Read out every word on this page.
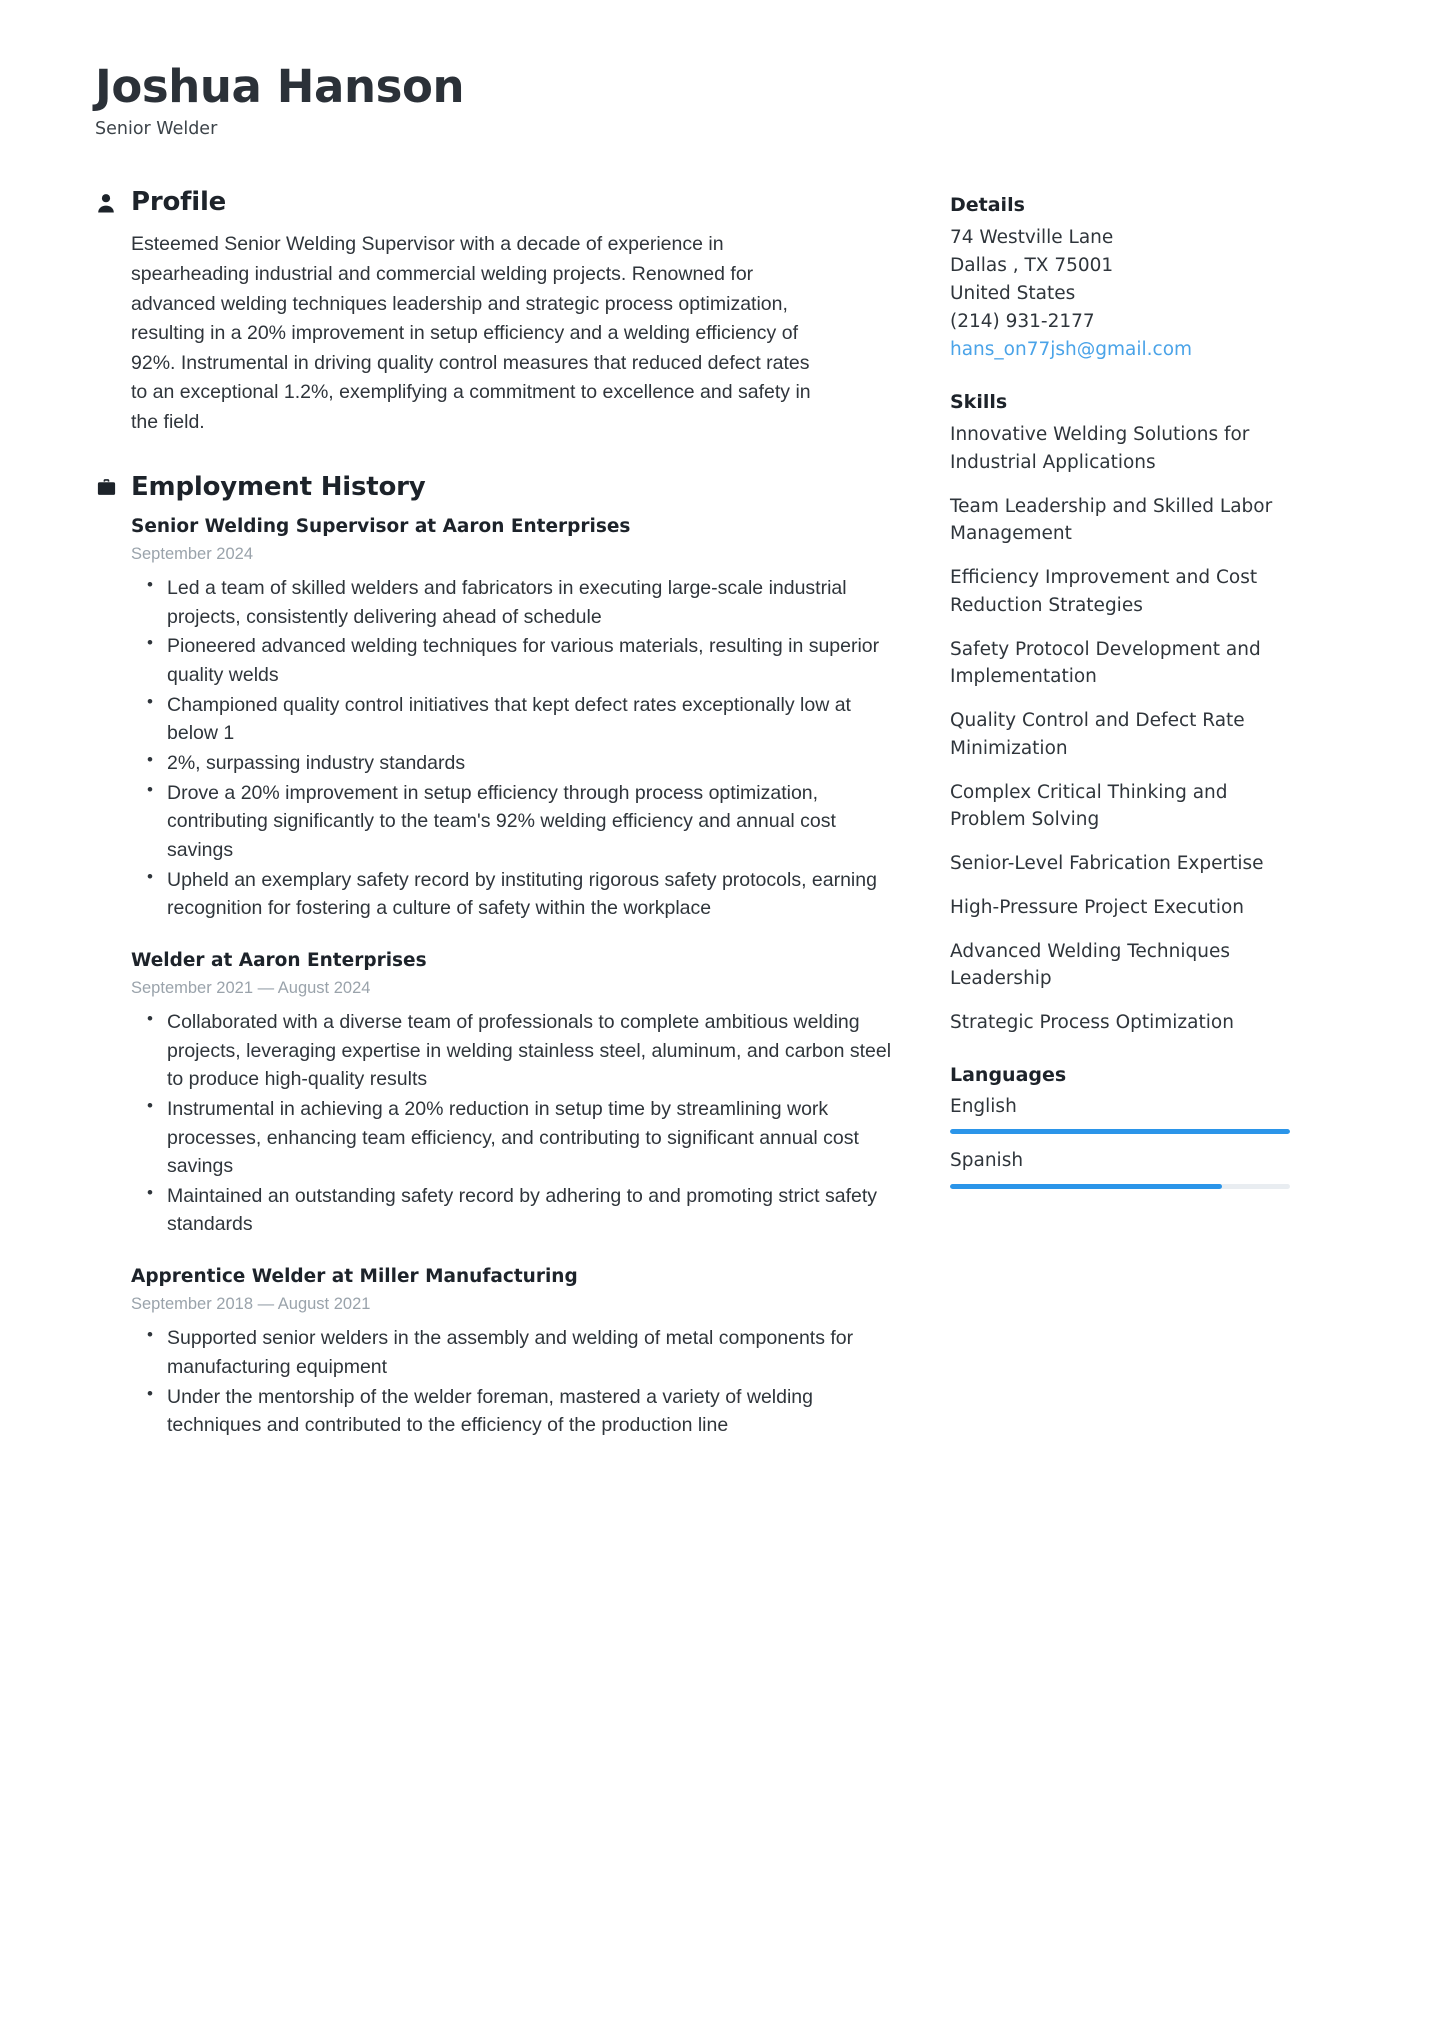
Joshua Hanson
Senior Welder
Profile

Esteemed Senior Welding Supervisor with a decade of experience in spearheading industrial and commercial welding projects. Renowned for advanced welding techniques leadership and strategic process optimization, resulting in a 20% improvement in setup efficiency and a welding efficiency of 92%. Instrumental in driving quality control measures that reduced defect rates to an exceptional 1.2%, exemplifying a commitment to excellence and safety in the field.

Employment History
Senior Welding Supervisor at Aaron Enterprises
September 2024
• Led a team of skilled welders and fabricators in executing large-scale industrial projects, consistently delivering ahead of schedule
• Pioneered advanced welding techniques for various materials, resulting in superior quality welds
• Championed quality control initiatives that kept defect rates exceptionally low at below 1
• 2%, surpassing industry standards
• Drove a 20% improvement in setup efficiency through process optimization, contributing significantly to the team's 92% welding efficiency and annual cost savings
• Upheld an exemplary safety record by instituting rigorous safety protocols, earning recognition for fostering a culture of safety within the workplace
Welder at Aaron Enterprises
September 2021 — August 2024
• Collaborated with a diverse team of professionals to complete ambitious welding projects, leveraging expertise in welding stainless steel, aluminum, and carbon steel to produce high-quality results
• Instrumental in achieving a 20% reduction in setup time by streamlining work processes, enhancing team efficiency, and contributing to significant annual cost savings
• Maintained an outstanding safety record by adhering to and promoting strict safety standards
Apprentice Welder at Miller Manufacturing
September 2018 — August 2021
• Supported senior welders in the assembly and welding of metal components for manufacturing equipment
• Under the mentorship of the welder foreman, mastered a variety of welding techniques and contributed to the efficiency of the production line
Details
74 Westville Lane
Dallas , TX 75001
United States
(214) 931-2177
hans_on77jsh@gmail.com
Skills
Innovative Welding Solutions for Industrial Applications
Team Leadership and Skilled Labor Management
Efficiency Improvement and Cost Reduction Strategies
Safety Protocol Development and Implementation
Quality Control and Defect Rate Minimization
Complex Critical Thinking and Problem Solving
Senior-Level Fabrication Expertise
High-Pressure Project Execution
Advanced Welding Techniques Leadership
Strategic Process Optimization
Languages
English
Spanish
